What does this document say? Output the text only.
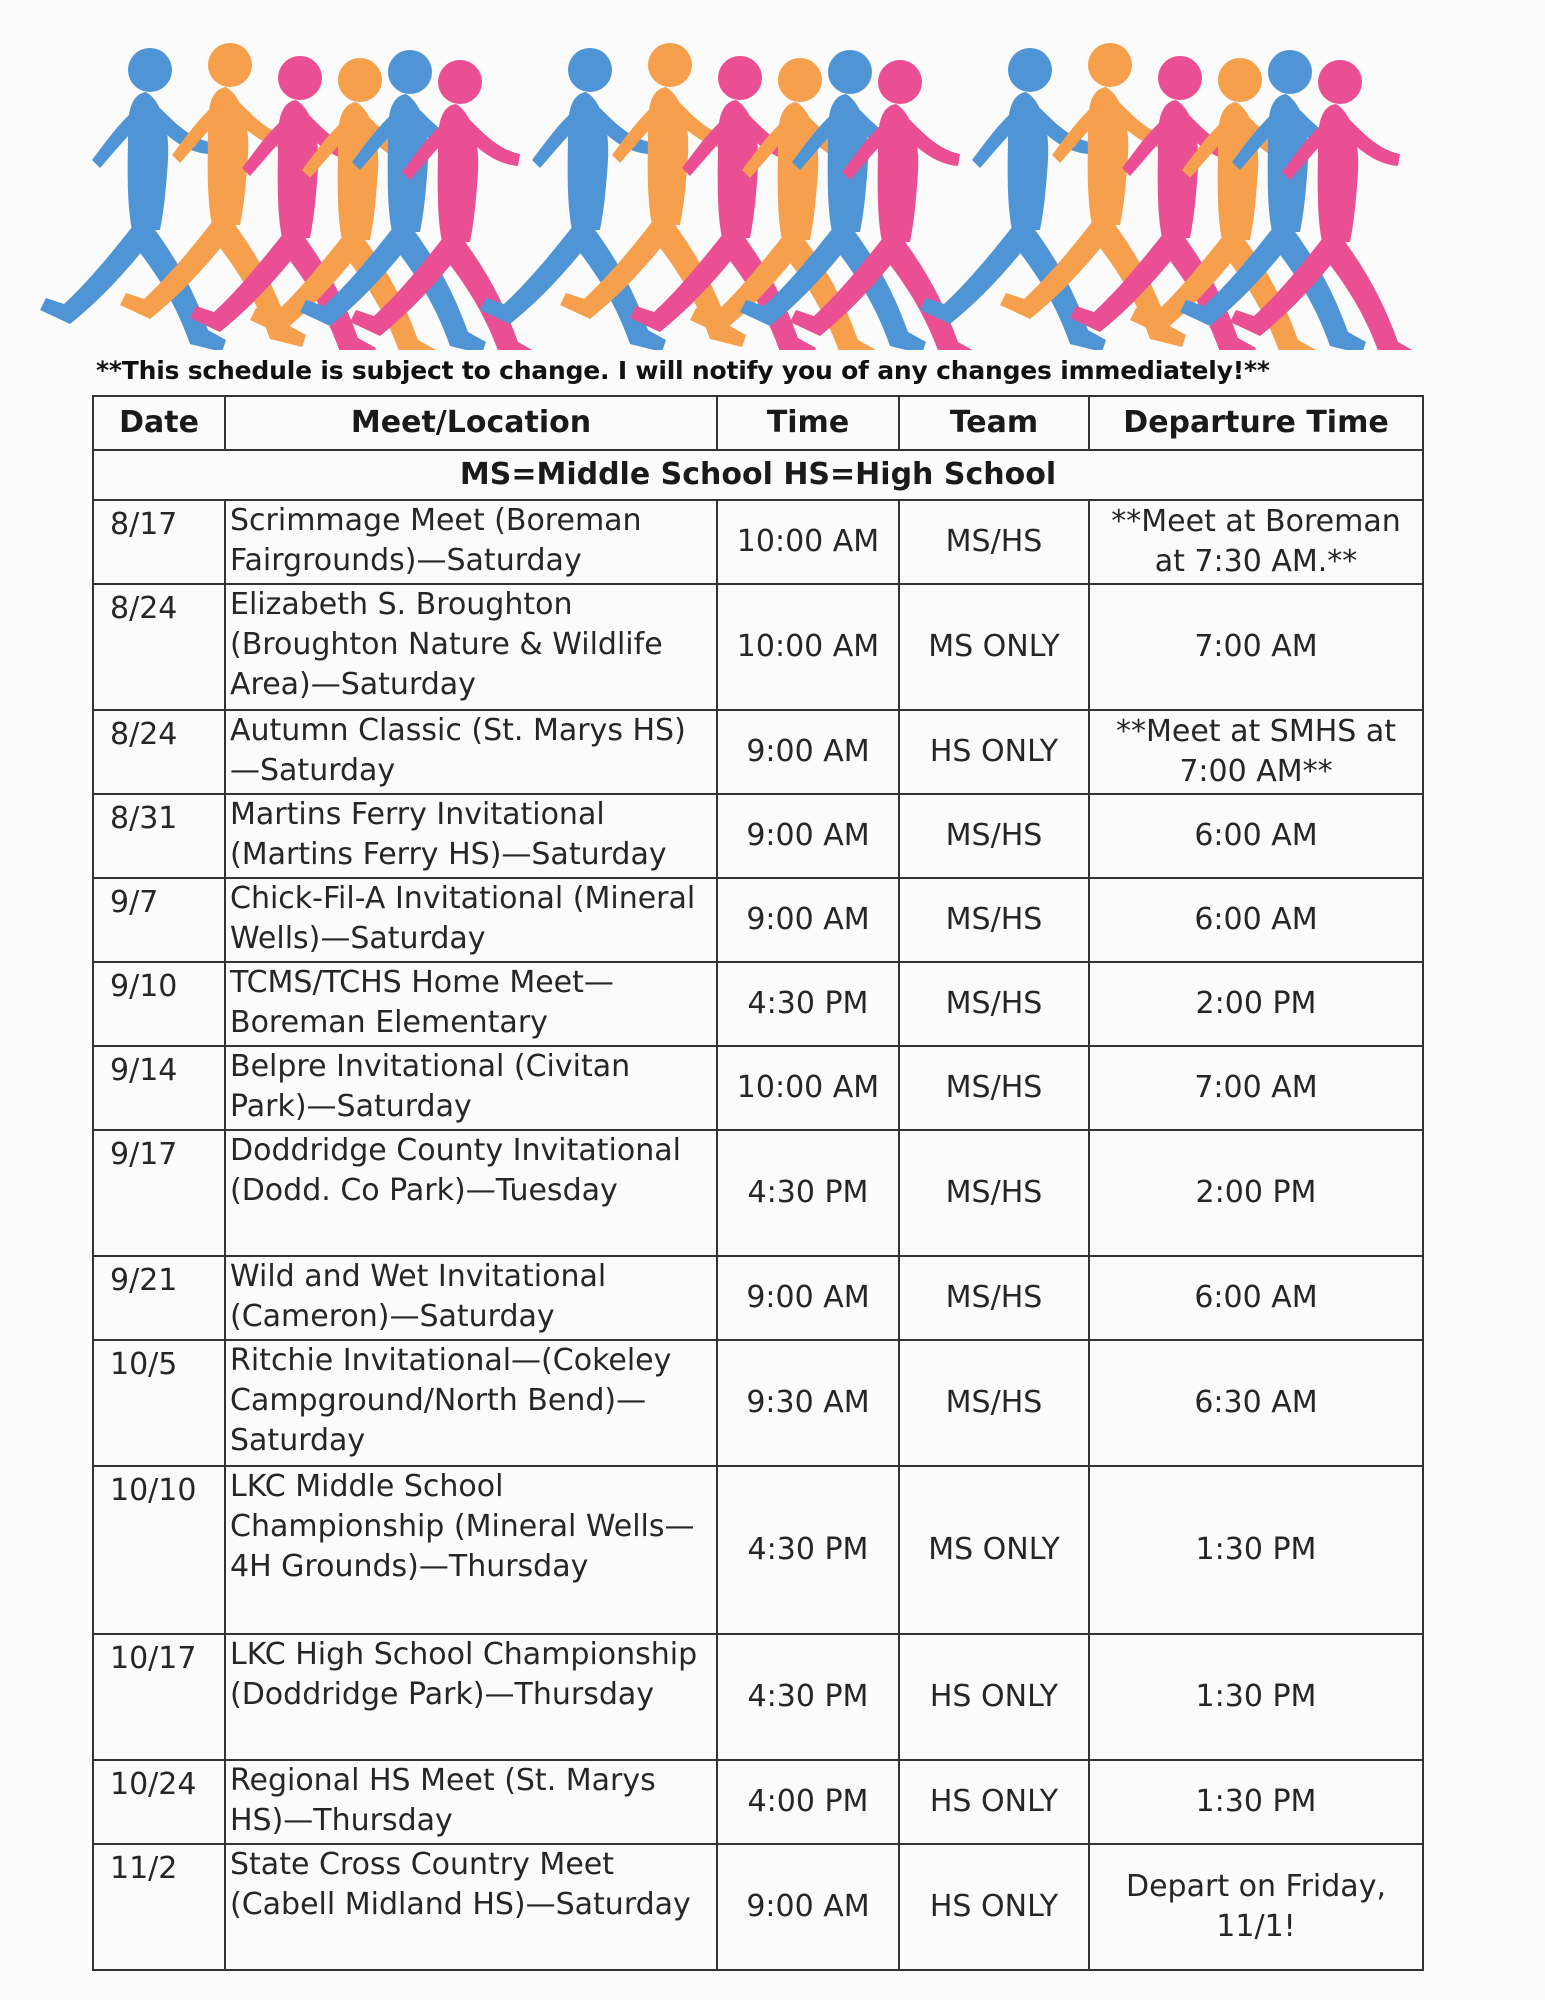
**This schedule is subject to change. I will notify you of any changes immediately!**
Date	Meet/Location	Time	Team	Departure Time
MS=Middle School HS=High School				
8/17	Scrimmage Meet (Boreman Fairgrounds)—Saturday	10:00 AM	MS/HS	**Meet at Boreman at 7:30 AM.**
8/24	Elizabeth S. Broughton (Broughton Nature & Wildlife Area)—Saturday	10:00 AM	MS ONLY	7:00 AM
8/24	Autumn Classic (St. Marys HS)—Saturday	9:00 AM	HS ONLY	**Meet at SMHS at 7:00 AM**
8/31	Martins Ferry Invitational (Martins Ferry HS)—Saturday	9:00 AM	MS/HS	6:00 AM
9/7	Chick-Fil-A Invitational (Mineral Wells)—Saturday	9:00 AM	MS/HS	6:00 AM
9/10	TCMS/TCHS Home Meet—Boreman Elementary	4:30 PM	MS/HS	2:00 PM
9/14	Belpre Invitational (Civitan Park)—Saturday	10:00 AM	MS/HS	7:00 AM
9/17	Doddridge County Invitational (Dodd. Co Park)—Tuesday	4:30 PM	MS/HS	2:00 PM
9/21	Wild and Wet Invitational (Cameron)—Saturday	9:00 AM	MS/HS	6:00 AM
10/5	Ritchie Invitational—(Cokeley Campground/North Bend)—Saturday	9:30 AM	MS/HS	6:30 AM
10/10	LKC Middle School Championship (Mineral Wells—4H Grounds)—Thursday	4:30 PM	MS ONLY	1:30 PM
10/17	LKC High School Championship (Doddridge Park)—Thursday	4:30 PM	HS ONLY	1:30 PM
10/24	Regional HS Meet (St. Marys HS)—Thursday	4:00 PM	HS ONLY	1:30 PM
11/2	State Cross Country Meet (Cabell Midland HS)—Saturday	9:00 AM	HS ONLY	Depart on Friday, 11/1!
